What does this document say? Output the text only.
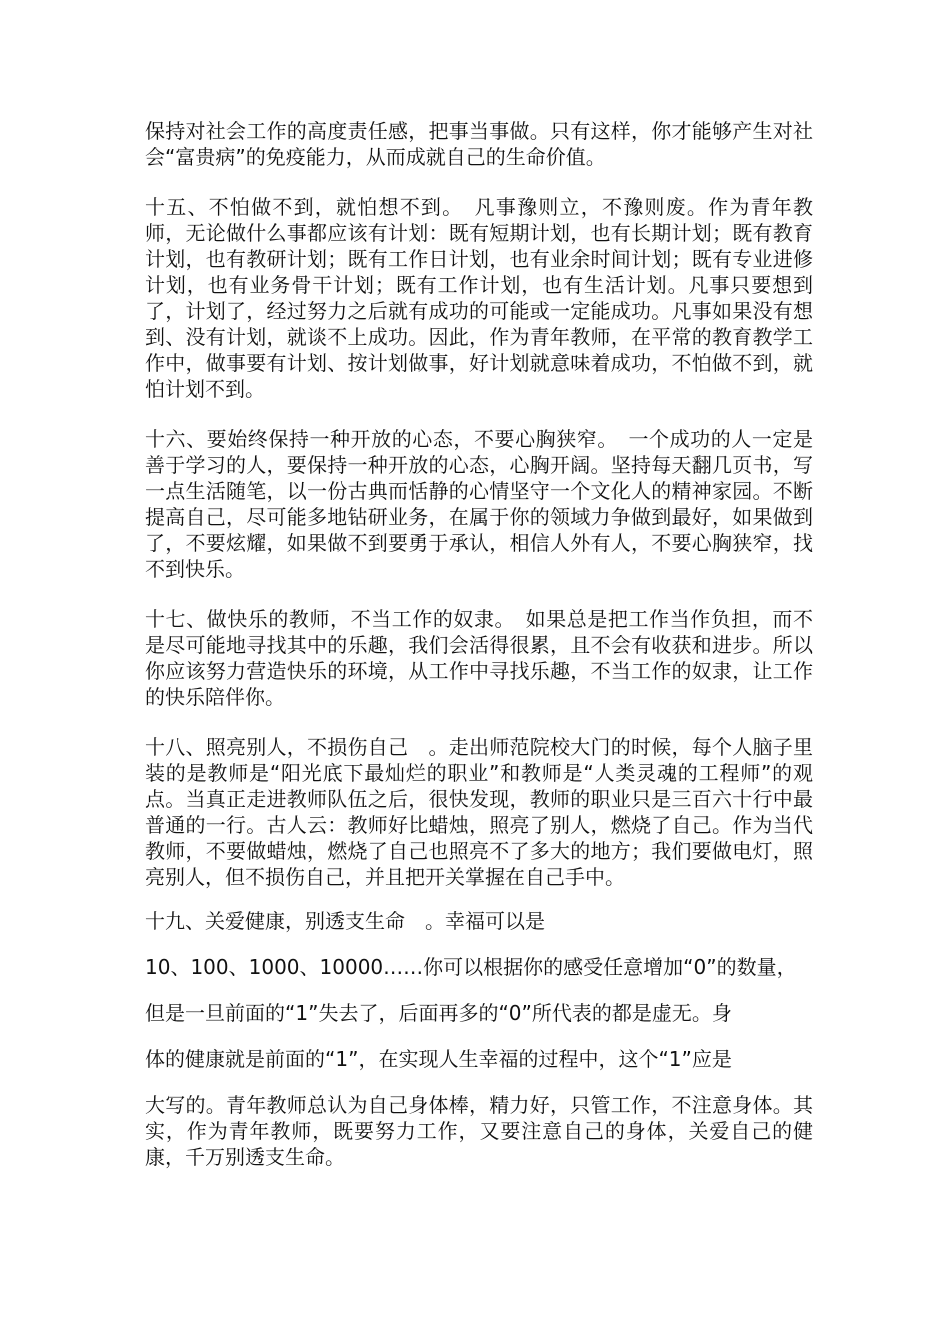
保持对社会工作的高度责任感，把事当事做。只有这样，你才能够产生对社会“富贵病”的免疫能力，从而成就自己的生命价值。

十五、不怕做不到，就怕想不到。　凡事豫则立，不豫则废。作为青年教师，无论做什么事都应该有计划：既有短期计划，也有长期计划；既有教育计划，也有教研计划；既有工作日计划，也有业余时间计划；既有专业进修计划，也有业务骨干计划；既有工作计划，也有生活计划。凡事只要想到了，计划了，经过努力之后就有成功的可能或一定能成功。凡事如果没有想到、没有计划，就谈不上成功。因此，作为青年教师，在平常的教育教学工作中，做事要有计划、按计划做事，好计划就意味着成功，不怕做不到，就怕计划不到。

十六、要始终保持一种开放的心态，不要心胸狭窄。　一个成功的人一定是善于学习的人，要保持一种开放的心态，心胸开阔。坚持每天翻几页书，写一点生活随笔，以一份古典而恬静的心情坚守一个文化人的精神家园。不断提高自己，尽可能多地钻研业务，在属于你的领域力争做到最好，如果做到了，不要炫耀，如果做不到要勇于承认，相信人外有人，不要心胸狭窄，找不到快乐。

十七、做快乐的教师，不当工作的奴隶。　如果总是把工作当作负担，而不是尽可能地寻找其中的乐趣，我们会活得很累，且不会有收获和进步。所以你应该努力营造快乐的环境，从工作中寻找乐趣，不当工作的奴隶，让工作的快乐陪伴你。

十八、照亮别人，不损伤自己　。走出师范院校大门的时候，每个人脑子里装的是教师是“阳光底下最灿烂的职业”和教师是“人类灵魂的工程师”的观点。当真正走进教师队伍之后，很快发现，教师的职业只是三百六十行中最普通的一行。古人云：教师好比蜡烛，照亮了别人，燃烧了自己。作为当代教师，不要做蜡烛，燃烧了自己也照亮不了多大的地方；我们要做电灯，照亮别人，但不损伤自己，并且把开关掌握在自己手中。

十九、关爱健康，别透支生命　。幸福可以是
10、100、1000、10000……你可以根据你的感受任意增加“0”的数量，
但是一旦前面的“1”失去了，后面再多的“0”所代表的都是虚无。身
体的健康就是前面的“1”，在实现人生幸福的过程中，这个“1”应是

大写的。青年教师总认为自己身体棒，精力好，只管工作，不注意身体。其实，作为青年教师，既要努力工作，又要注意自己的身体，关爱自己的健康，千万别透支生命。
